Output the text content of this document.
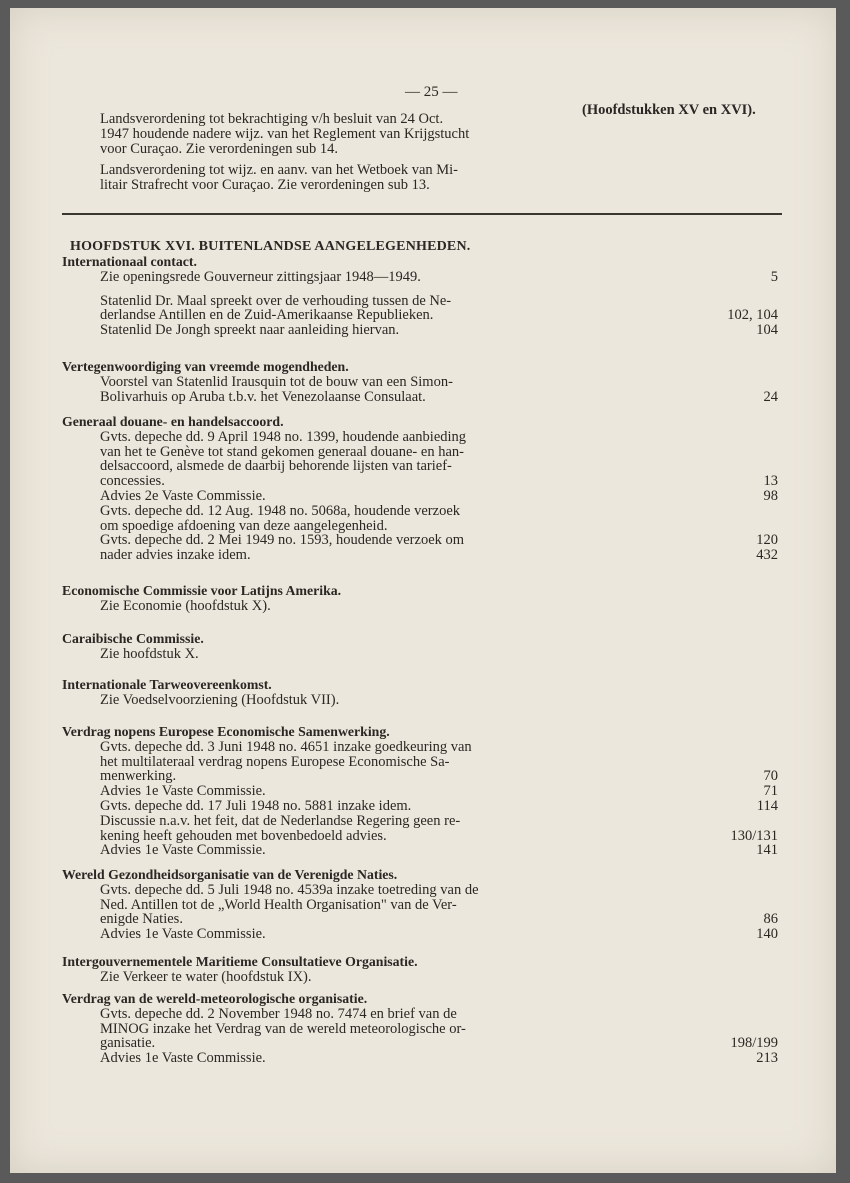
— 25 —
(Hoofdstukken XV en XVI).
Landsverordening tot bekrachtiging v/h besluit van 24 Oct.
1947 houdende nadere wijz. van het Reglement van Krijgstucht
voor Curaçao. Zie verordeningen sub 14.
Landsverordening tot wijz. en aanv. van het Wetboek van Mi-
litair Strafrecht voor Curaçao. Zie verordeningen sub 13.
HOOFDSTUK XVI. BUITENLANDSE AANGELEGENHEDEN.
Internationaal contact.
Zie openingsrede Gouverneur zittingsjaar 1948—1949.	5
Statenlid Dr. Maal spreekt over de verhouding tussen de Ne-
derlandse Antillen en de Zuid-Amerikaanse Republieken.	102, 104
Statenlid De Jongh spreekt naar aanleiding hiervan.	104
Vertegenwoordiging van vreemde mogendheden.
Voorstel van Statenlid Irausquin tot de bouw van een Simon-
Bolivarhuis op Aruba t.b.v. het Venezolaanse Consulaat.	24
Generaal douane- en handelsaccoord.
Gvts. depeche dd. 9 April 1948 no. 1399, houdende aanbieding
van het te Genève tot stand gekomen generaal douane- en han-
delsaccoord, alsmede de daarbij behorende lijsten van tarief-
concessies.	13
Advies 2e Vaste Commissie.	98
Gvts. depeche dd. 12 Aug. 1948 no. 5068a, houdende verzoek
om spoedige afdoening van deze aangelegenheid.
Gvts. depeche dd. 2 Mei 1949 no. 1593, houdende verzoek om	120
nader advies inzake idem.	432
Economische Commissie voor Latijns Amerika.
Zie Economie (hoofdstuk X).
Caraibische Commissie.
Zie hoofdstuk X.
Internationale Tarweovereenkomst.
Zie Voedselvoorziening (Hoofdstuk VII).
Verdrag nopens Europese Economische Samenwerking.
Gvts. depeche dd. 3 Juni 1948 no. 4651 inzake goedkeuring van
het multilateraal verdrag nopens Europese Economische Sa-
menwerking.	70
Advies 1e Vaste Commissie.	71
Gvts. depeche dd. 17 Juli 1948 no. 5881 inzake idem.	114
Discussie n.a.v. het feit, dat de Nederlandse Regering geen re-
kening heeft gehouden met bovenbedoeld advies.	130/131
Advies 1e Vaste Commissie.	141
Wereld Gezondheidsorganisatie van de Verenigde Naties.
Gvts. depeche dd. 5 Juli 1948 no. 4539a inzake toetreding van de
Ned. Antillen tot de „World Health Organisation" van de Ver-
enigde Naties.	86
Advies 1e Vaste Commissie.	140
Intergouvernementele Maritieme Consultatieve Organisatie.
Zie Verkeer te water (hoofdstuk IX).
Verdrag van de wereld-meteorologische organisatie.
Gvts. depeche dd. 2 November 1948 no. 7474 en brief van de
MINOG inzake het Verdrag van de wereld meteorologische or-
ganisatie.	198/199
Advies 1e Vaste Commissie.	213
